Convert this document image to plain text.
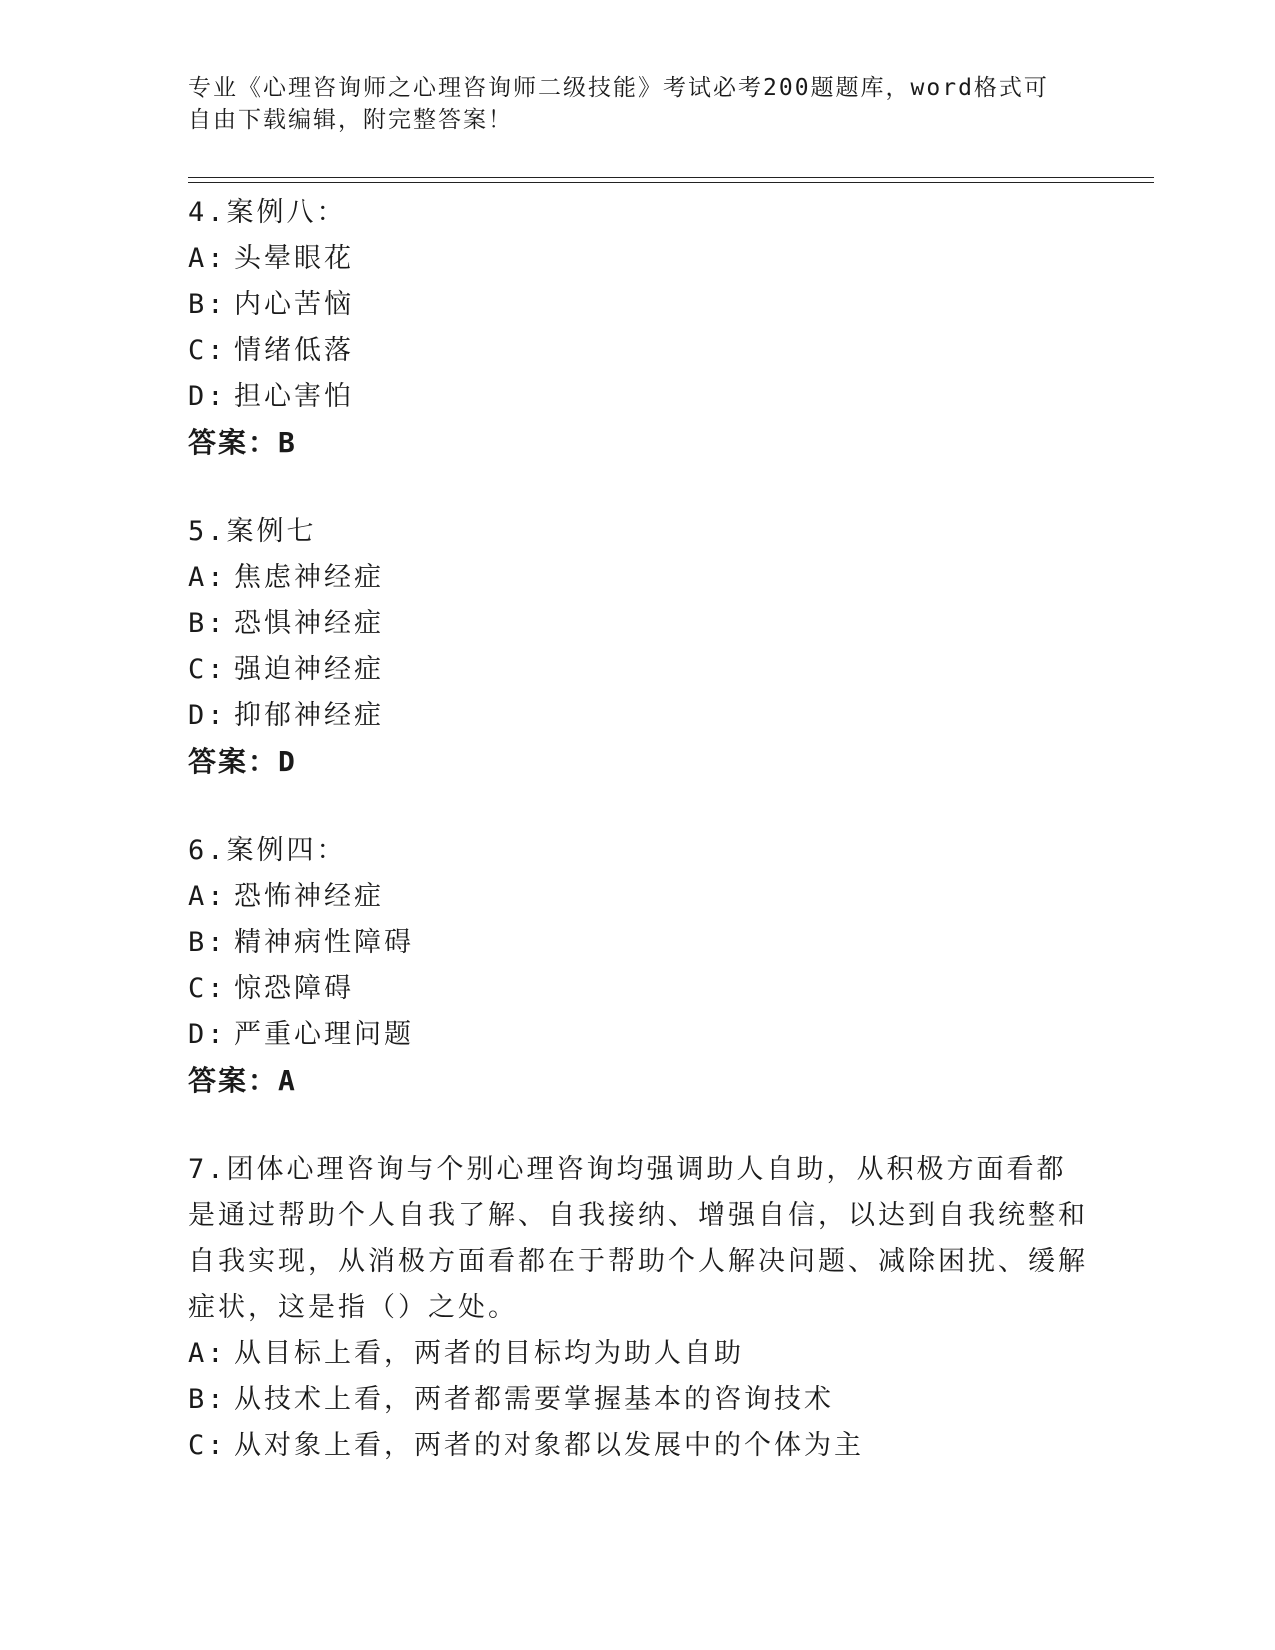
专业《心理咨询师之心理咨询师二级技能》考试必考200题题库，word格式可自由下载编辑，附完整答案！
4.案例八：
A: 头晕眼花
B: 内心苦恼
C: 情绪低落
D: 担心害怕
答案：B
5.案例七
A: 焦虑神经症
B: 恐惧神经症
C: 强迫神经症
D: 抑郁神经症
答案：D
6.案例四：
A: 恐怖神经症
B: 精神病性障碍
C: 惊恐障碍
D: 严重心理问题
答案：A
7.团体心理咨询与个别心理咨询均强调助人自助，从积极方面看都是通过帮助个人自我了解、自我接纳、增强自信，以达到自我统整和自我实现，从消极方面看都在于帮助个人解决问题、减除困扰、缓解症状，这是指（）之处。
A: 从目标上看，两者的目标均为助人自助
B: 从技术上看，两者都需要掌握基本的咨询技术
C: 从对象上看，两者的对象都以发展中的个体为主
